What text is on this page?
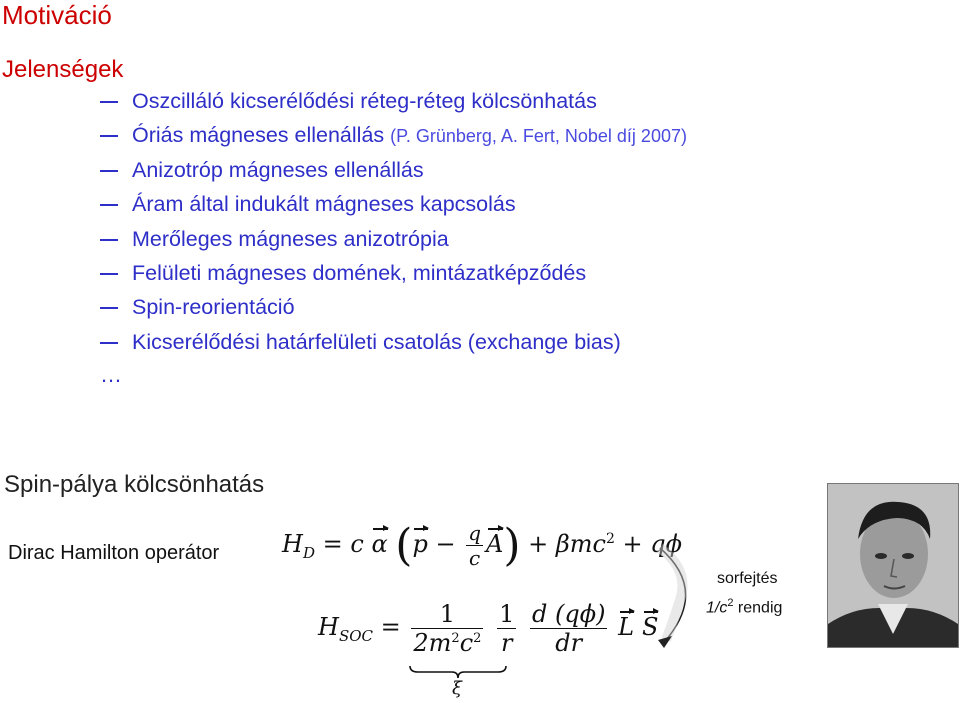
Motiváció
Jelenségek
Oszcilláló kicserélődési réteg-réteg kölcsönhatás
Óriás mágneses ellenállás (P. Grünberg, A. Fert, Nobel díj 2007)
Anizotróp mágneses ellenállás
Áram által indukált mágneses kapcsolás
Merőleges mágneses anizotrópia
Felületi mágneses domének, mintázatképződés
Spin-reorientáció
Kicserélődési határfelületi csatolás (exchange bias)
…
Spin-pálya kölcsönhatás
Dirac Hamilton operátor	$H_D = c$ α $(p - \frac{q}{c} A) + \beta mc^2 + q\phi$
$H_{SOC} = \frac{1}{2m^2c^2}$
$\frac{1}{r}$
$\frac{d (q\phi)}{dr}$ L S
ξ
sorfejtés
$1/c^2$ rendig
